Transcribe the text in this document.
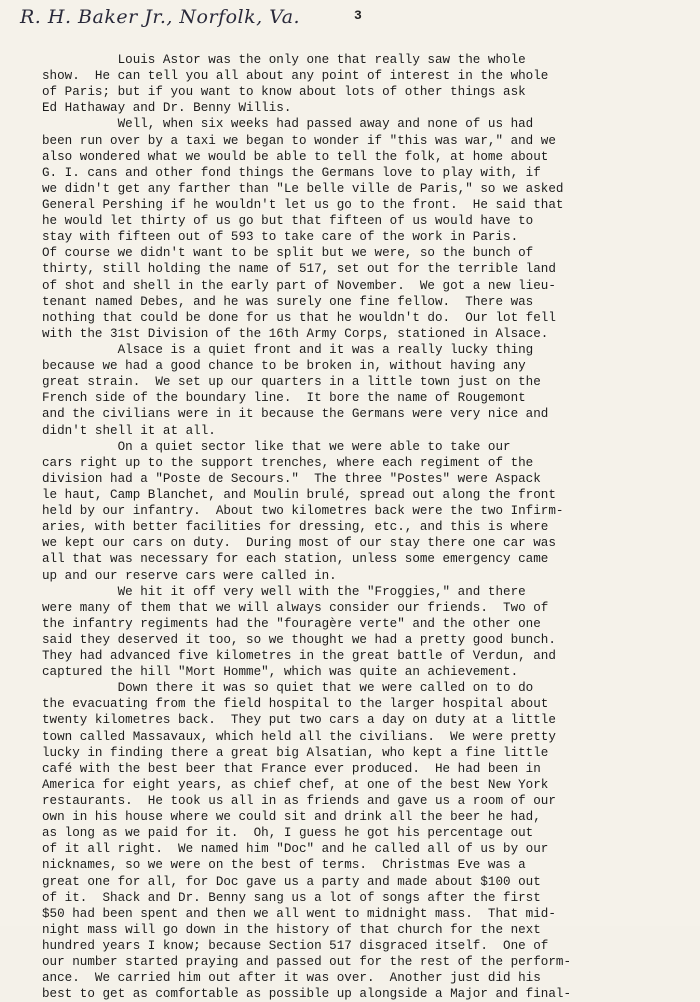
R. H. Baker Jr., Norfolk, Va.	3
Louis Astor was the only one that really saw the whole
show.  He can tell you all about any point of interest in the whole
of Paris; but if you want to know about lots of other things ask
Ed Hathaway and Dr. Benny Willis.
Well, when six weeks had passed away and none of us had
been run over by a taxi we began to wonder if "this was war," and we
also wondered what we would be able to tell the folk, at home about
G. I. cans and other fond things the Germans love to play with, if
we didn't get any farther than "Le belle ville de Paris," so we asked
General Pershing if he wouldn't let us go to the front.  He said that
he would let thirty of us go but that fifteen of us would have to
stay with fifteen out of 593 to take care of the work in Paris.
Of course we didn't want to be split but we were, so the bunch of
thirty, still holding the name of 517, set out for the terrible land
of shot and shell in the early part of November.  We got a new lieu-
tenant named Debes, and he was surely one fine fellow.  There was
nothing that could be done for us that he wouldn't do.  Our lot fell
with the 31st Division of the 16th Army Corps, stationed in Alsace.
Alsace is a quiet front and it was a really lucky thing
because we had a good chance to be broken in, without having any
great strain.  We set up our quarters in a little town just on the
French side of the boundary line.  It bore the name of Rougemont
and the civilians were in it because the Germans were very nice and
didn't shell it at all.
On a quiet sector like that we were able to take our
cars right up to the support trenches, where each regiment of the
division had a "Poste de Secours."  The three "Postes" were Aspack
le haut, Camp Blanchet, and Moulin brulé, spread out along the front
held by our infantry.  About two kilometres back were the two Infirm-
aries, with better facilities for dressing, etc., and this is where
we kept our cars on duty.  During most of our stay there one car was
all that was necessary for each station, unless some emergency came
up and our reserve cars were called in.
We hit it off very well with the "Froggies," and there
were many of them that we will always consider our friends.  Two of
the infantry regiments had the "fouragère verte" and the other one
said they deserved it too, so we thought we had a pretty good bunch.
They had advanced five kilometres in the great battle of Verdun, and
captured the hill "Mort Homme", which was quite an achievement.
Down there it was so quiet that we were called on to do
the evacuating from the field hospital to the larger hospital about
twenty kilometres back.  They put two cars a day on duty at a little
town called Massavaux, which held all the civilians.  We were pretty
lucky in finding there a great big Alsatian, who kept a fine little
café with the best beer that France ever produced.  He had been in
America for eight years, as chief chef, at one of the best New York
restaurants.  He took us all in as friends and gave us a room of our
own in his house where we could sit and drink all the beer he had,
as long as we paid for it.  Oh, I guess he got his percentage out
of it all right.  We named him "Doc" and he called all of us by our
nicknames, so we were on the best of terms.  Christmas Eve was a
great one for all, for Doc gave us a party and made about $100 out
of it.  Shack and Dr. Benny sang us a lot of songs after the first
$50 had been spent and then we all went to midnight mass.  That mid-
night mass will go down in the history of that church for the next
hundred years I know; because Section 517 disgraced itself.  One of
our number started praying and passed out for the rest of the perform-
ance.  We carried him out after it was over.  Another just did his
best to get as comfortable as possible up alongside a Major and final-
